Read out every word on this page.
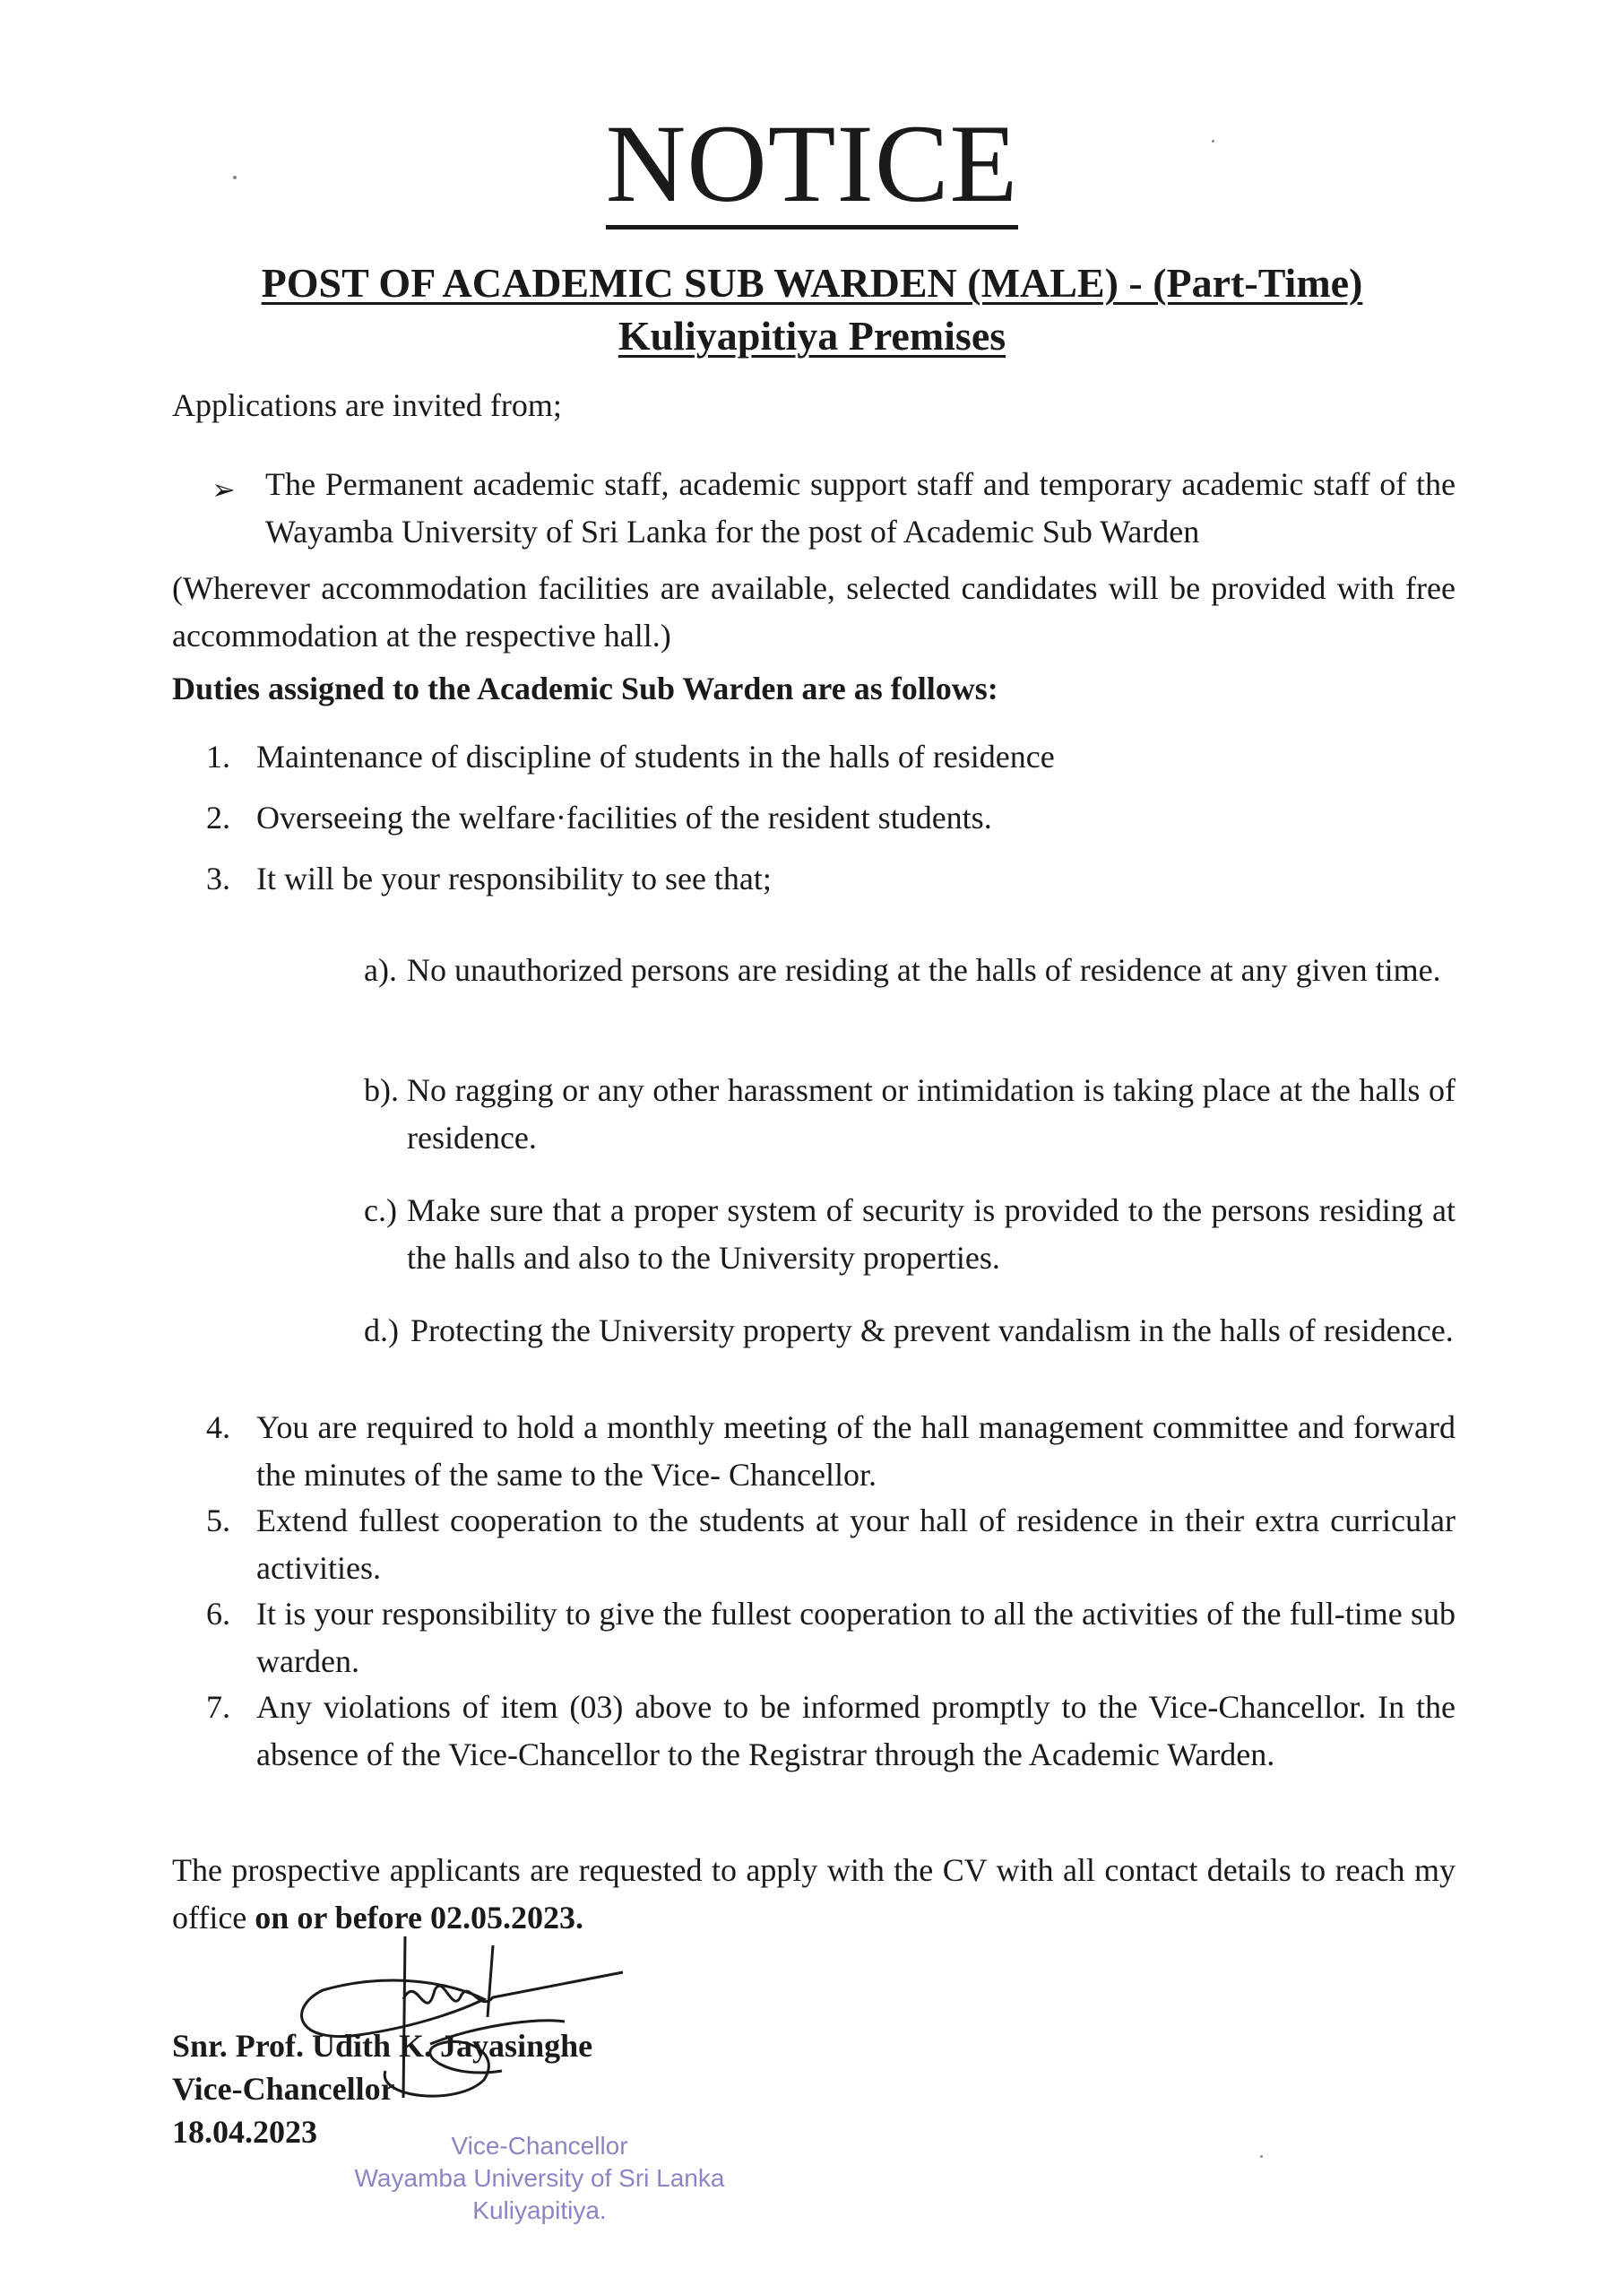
NOTICE
POST OF ACADEMIC SUB WARDEN (MALE) - (Part-Time)
Kuliyapitiya Premises
Applications are invited from;
➢ The Permanent academic staff, academic support staff and temporary academic staff of the Wayamba University of Sri Lanka for the post of Academic Sub Warden
(Wherever accommodation facilities are available, selected candidates will be provided with free accommodation at the respective hall.)
Duties assigned to the Academic Sub Warden are as follows:
1. Maintenance of discipline of students in the halls of residence
2. Overseeing the welfare·facilities of the resident students.
3. It will be your responsibility to see that;
a). No unauthorized persons are residing at the halls of residence at any given time.
b). No ragging or any other harassment or intimidation is taking place at the halls of residence.
c.) Make sure that a proper system of security is provided to the persons residing at the halls and also to the University properties.
d.) Protecting the University property & prevent vandalism in the halls of residence.
4. You are required to hold a monthly meeting of the hall management committee and forward the minutes of the same to the Vice- Chancellor.
5. Extend fullest cooperation to the students at your hall of residence in their extra curricular activities.
6. It is your responsibility to give the fullest cooperation to all the activities of the full-time sub warden.
7. Any violations of item (03) above to be informed promptly to the Vice-Chancellor. In the absence of the Vice-Chancellor to the Registrar through the Academic Warden.
The prospective applicants are requested to apply with the CV with all contact details to reach my office on or before 02.05.2023.
Snr. Prof. Udith K. Jayasinghe
Vice-Chancellor
18.04.2023	Vice-Chancellor
Wayamba University of Sri Lanka
Kuliyapitiya.
